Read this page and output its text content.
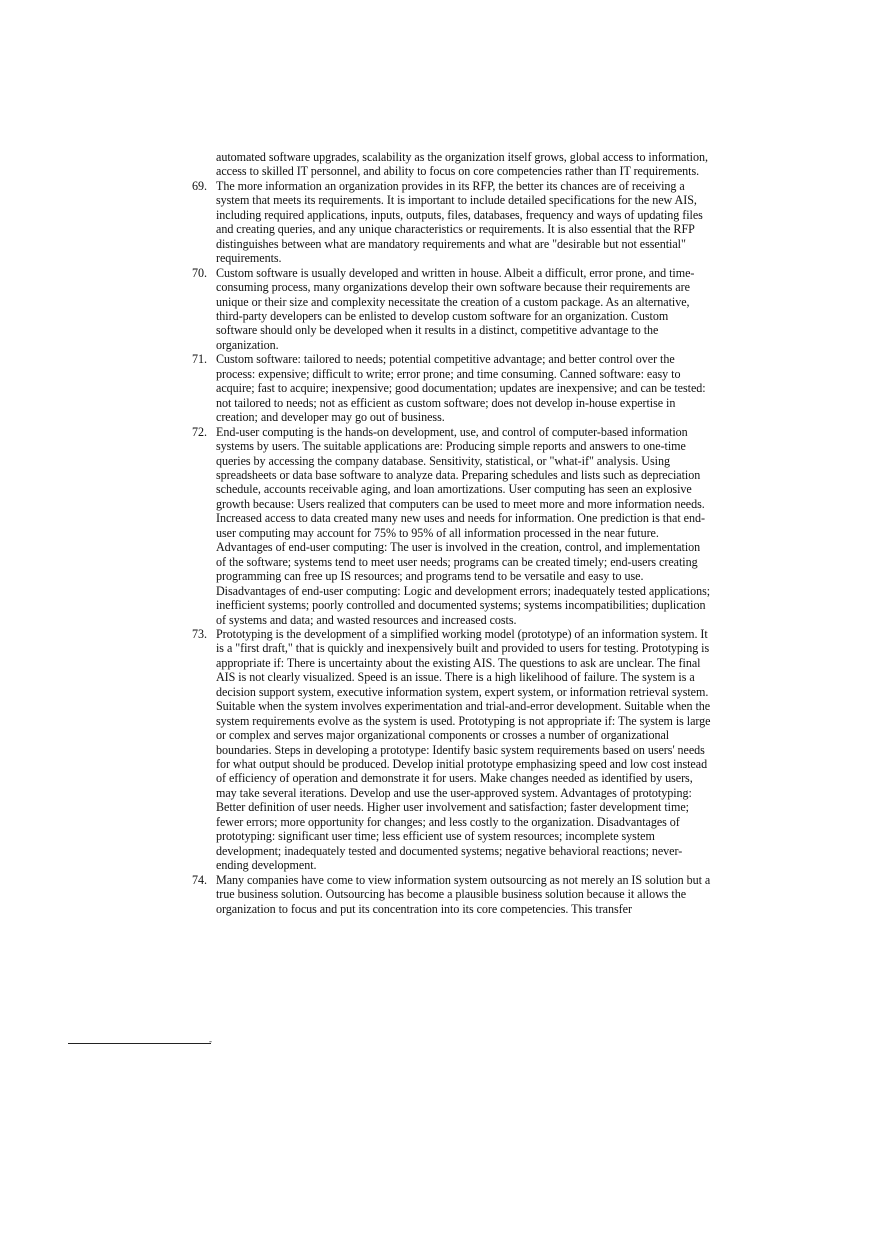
automated software upgrades, scalability as the organization itself grows, global access to information, access to skilled IT personnel, and ability to focus on core competencies rather than IT requirements.

69. The more information an organization provides in its RFP, the better its chances are of receiving a system that meets its requirements. It is important to include detailed specifications for the new AIS, including required applications, inputs, outputs, files, databases, frequency and ways of updating files and creating queries, and any unique characteristics or requirements. It is also essential that the RFP distinguishes between what are mandatory requirements and what are "desirable but not essential" requirements.
70. Custom software is usually developed and written in house. Albeit a difficult, error prone, and time- consuming process, many organizations develop their own software because their requirements are unique or their size and complexity necessitate the creation of a custom package. As an alternative, third-party developers can be enlisted to develop custom software for an organization. Custom software should only be developed when it results in a distinct, competitive advantage to the organization.
71. Custom software: tailored to needs; potential competitive advantage; and better control over the process: expensive; difficult to write; error prone; and time consuming. Canned software: easy to acquire; fast to acquire; inexpensive; good documentation; updates are inexpensive; and can be tested: not tailored to needs; not as efficient as custom software; does not develop in-house expertise in creation; and developer may go out of business.
72. End-user computing is the hands-on development, use, and control of computer-based information systems by users. The suitable applications are: Producing simple reports and answers to one-time queries by accessing the company database. Sensitivity, statistical, or "what-if" analysis. Using spreadsheets or data base software to analyze data. Preparing schedules and lists such as depreciation schedule, accounts receivable aging, and loan amortizations. User computing has seen an explosive growth because: Users realized that computers can be used to meet more and more information needs. Increased access to data created many new uses and needs for information. One prediction is that end-user computing may account for 75% to 95% of all information processed in the near future. Advantages of end-user computing: The user is involved in the creation, control, and implementation of the software; systems tend to meet user needs; programs can be created timely; end-users creating programming can free up IS resources; and programs tend to be versatile and easy to use. Disadvantages of end-user computing: Logic and development errors; inadequately tested applications; inefficient systems; poorly controlled and documented systems; systems incompatibilities; duplication of systems and data; and wasted resources and increased costs.
73. Prototyping is the development of a simplified working model (prototype) of an information system. It is a "first draft," that is quickly and inexpensively built and provided to users for testing. Prototyping is appropriate if: There is uncertainty about the existing AIS. The questions to ask are unclear. The final AIS is not clearly visualized. Speed is an issue. There is a high likelihood of failure. The system is a decision support system, executive information system, expert system, or information retrieval system. Suitable when the system involves experimentation and trial-and-error development. Suitable when the system requirements evolve as the system is used. Prototyping is not appropriate if: The system is large or complex and serves major organizational components or crosses a number of organizational boundaries. Steps in developing a prototype: Identify basic system requirements based on users' needs for what output should be produced. Develop initial prototype emphasizing speed and low cost instead of efficiency of operation and demonstrate it for users. Make changes needed as identified by users, may take several iterations. Develop and use the user-approved system. Advantages of prototyping: Better definition of user needs. Higher user involvement and satisfaction; faster development time; fewer errors; more opportunity for changes; and less costly to the organization. Disadvantages of prototyping: significant user time; less efficient use of system resources; incomplete system development; inadequately tested and documented systems; negative behavioral reactions; never-ending development.
74. Many companies have come to view information system outsourcing as not merely an IS solution but a true business solution. Outsourcing has become a plausible business solution because it allows the organization to focus and put its concentration into its core competencies. This transfer
-
